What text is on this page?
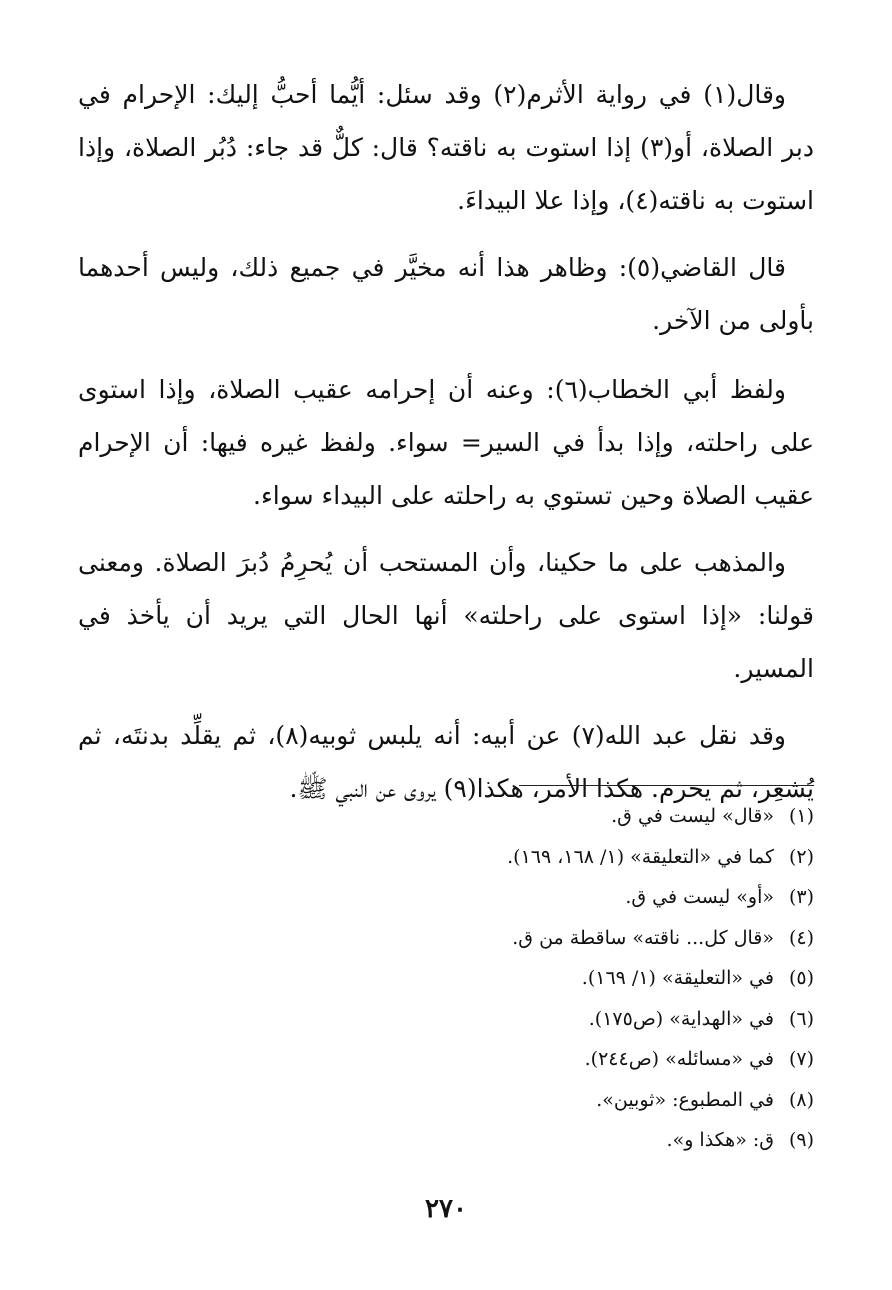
وقال(١) في رواية الأثرم(٢) وقد سئل: أيُّما أحبُّ إليك: الإحرام في دبر الصلاة، أو(٣) إذا استوت به ناقته؟ قال: كلٌّ قد جاء: دُبُر الصلاة، وإذا استوت به ناقته(٤)، وإذا علا البيداءَ.

قال القاضي(٥): وظاهر هذا أنه مخيَّر في جميع ذلك، وليس أحدهما بأولى من الآخر.

ولفظ أبي الخطاب(٦): وعنه أن إحرامه عقيب الصلاة، وإذا استوى على راحلته، وإذا بدأ في السير= سواء. ولفظ غيره فيها: أن الإحرام عقيب الصلاة وحين تستوي به راحلته على البيداء سواء.

والمذهب على ما حكينا، وأن المستحب أن يُحرِمُ دُبرَ الصلاة. ومعنى قولنا: «إذا استوى على راحلته» أنها الحال التي يريد أن يأخذ في المسير.

وقد نقل عبد الله(٧) عن أبيه: أنه يلبس ثوبيه(٨)، ثم يقلِّد بدنتَه، ثم يُشعِر، ثم يحرم. هكذا الأمر، هكذا(٩) يروى عن النبي ﷺ.

(١)«قال» ليست في ق.
(٢)كما في «التعليقة» (١/ ١٦٨، ١٦٩).
(٣)«أو» ليست في ق.
(٤)«قال كل... ناقته» ساقطة من ق.
(٥)في «التعليقة» (١/ ١٦٩).
(٦)في «الهداية» (ص١٧٥).
(٧)في «مسائله» (ص٢٤٤).
(٨)في المطبوع: «ثوبين».
(٩)ق: «هكذا و».
٢٧٠
